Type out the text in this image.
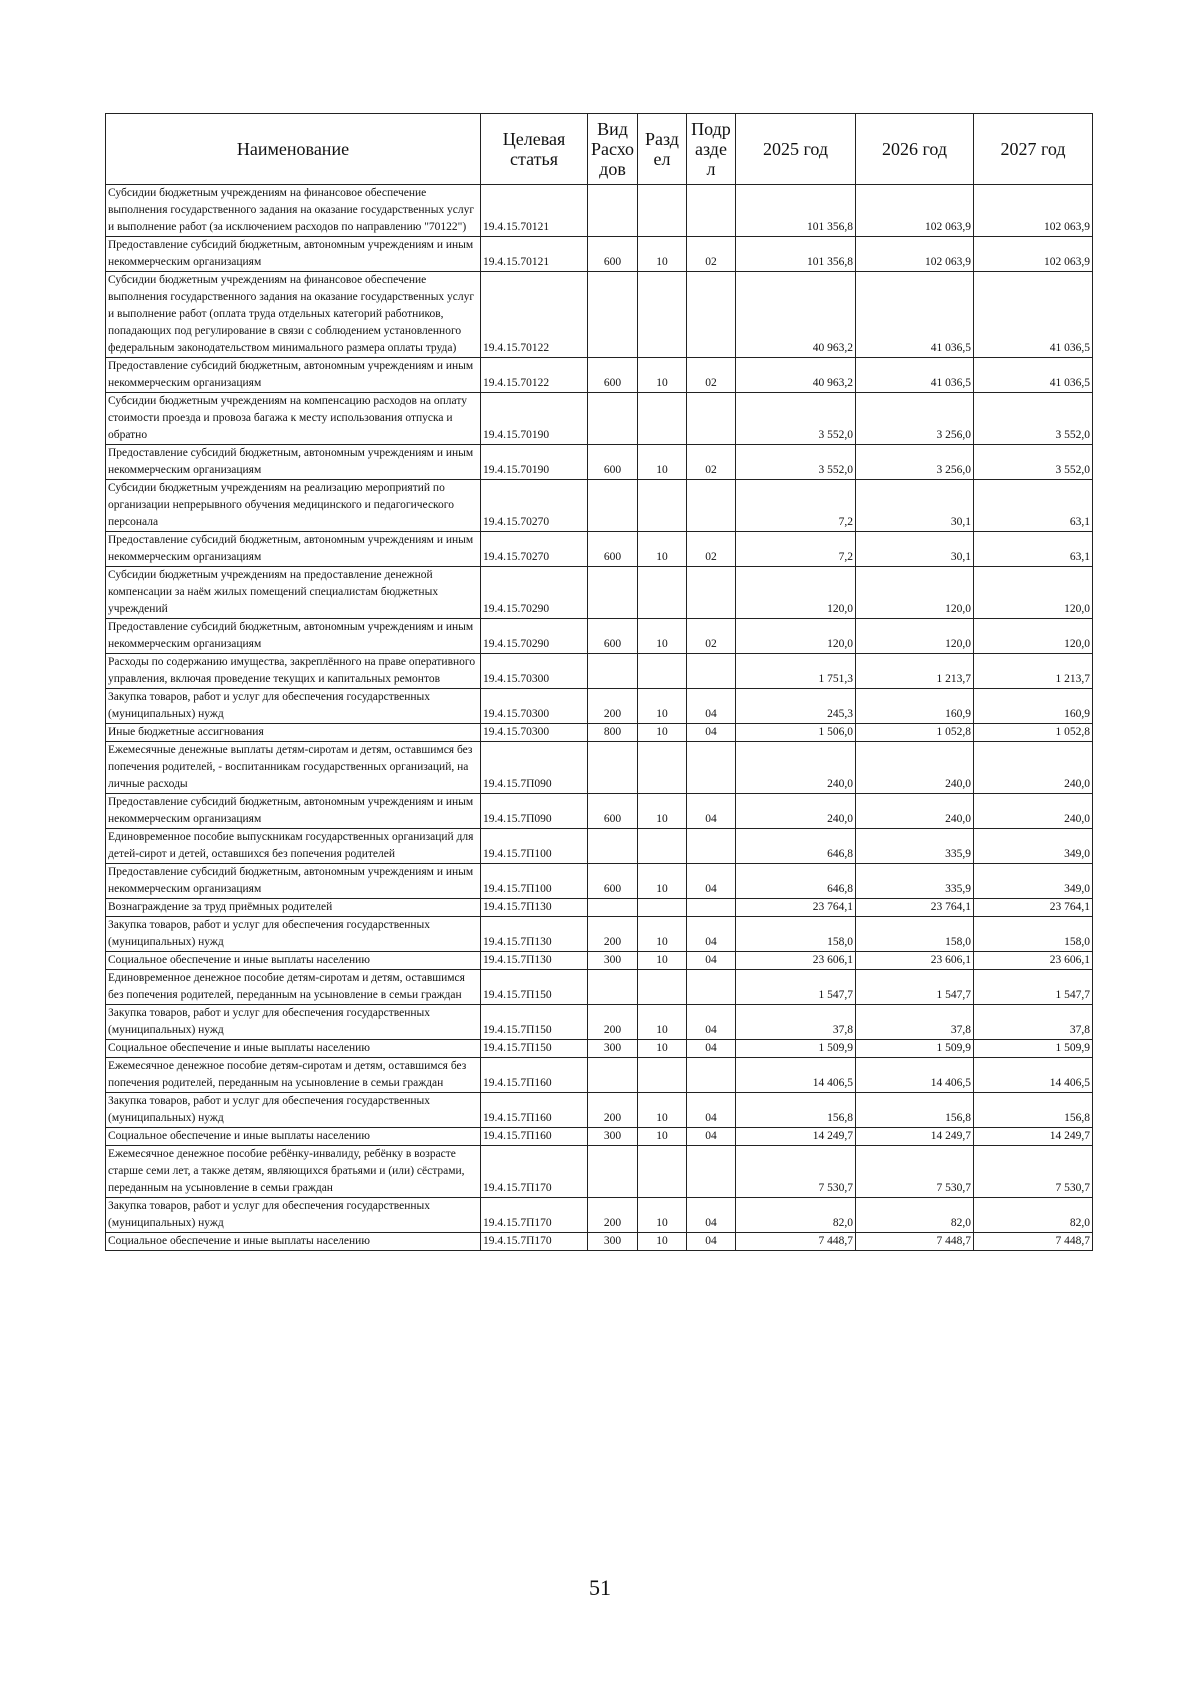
Наименование	Целевая статья	Вид Расхо дов	Разд ел	Подр азде л	2025 год	2026 год	2027 год
Субсидии бюджетным учреждениям на финансовое обеспечение выполнения государственного задания на оказание государственных услуг и выполнение работ (за исключением расходов по направлению "70122")	19.4.15.70121				101 356,8	102 063,9	102 063,9
Предоставление субсидий бюджетным, автономным учреждениям и иным некоммерческим организациям	19.4.15.70121	600	10	02	101 356,8	102 063,9	102 063,9
Субсидии бюджетным учреждениям на финансовое обеспечение выполнения государственного задания на оказание государственных услуг и выполнение работ (оплата труда отдельных категорий работников, попадающих под регулирование в связи с соблюдением установленного федеральным законодательством минимального размера оплаты труда)	19.4.15.70122				40 963,2	41 036,5	41 036,5
Предоставление субсидий бюджетным, автономным учреждениям и иным некоммерческим организациям	19.4.15.70122	600	10	02	40 963,2	41 036,5	41 036,5
Субсидии бюджетным учреждениям на компенсацию расходов на оплату стоимости проезда и провоза багажа к месту использования отпуска и обратно	19.4.15.70190				3 552,0	3 256,0	3 552,0
Предоставление субсидий бюджетным, автономным учреждениям и иным некоммерческим организациям	19.4.15.70190	600	10	02	3 552,0	3 256,0	3 552,0
Субсидии бюджетным учреждениям на реализацию мероприятий по организации непрерывного обучения медицинского и педагогического персонала	19.4.15.70270				7,2	30,1	63,1
Предоставление субсидий бюджетным, автономным учреждениям и иным некоммерческим организациям	19.4.15.70270	600	10	02	7,2	30,1	63,1
Субсидии бюджетным учреждениям на предоставление денежной компенсации за наём жилых помещений специалистам бюджетных учреждений	19.4.15.70290				120,0	120,0	120,0
Предоставление субсидий бюджетным, автономным учреждениям и иным некоммерческим организациям	19.4.15.70290	600	10	02	120,0	120,0	120,0
Расходы по содержанию имущества, закреплённого на праве оперативного управления, включая проведение текущих и капитальных ремонтов	19.4.15.70300				1 751,3	1 213,7	1 213,7
Закупка товаров, работ и услуг для обеспечения государственных (муниципальных) нужд	19.4.15.70300	200	10	04	245,3	160,9	160,9
Иные бюджетные ассигнования	19.4.15.70300	800	10	04	1 506,0	1 052,8	1 052,8
Ежемесячные денежные выплаты детям-сиротам и детям, оставшимся без попечения родителей, - воспитанникам государственных организаций, на личные расходы	19.4.15.7П090				240,0	240,0	240,0
Предоставление субсидий бюджетным, автономным учреждениям и иным некоммерческим организациям	19.4.15.7П090	600	10	04	240,0	240,0	240,0
Единовременное пособие выпускникам государственных организаций для детей-сирот и детей, оставшихся без попечения родителей	19.4.15.7П100				646,8	335,9	349,0
Предоставление субсидий бюджетным, автономным учреждениям и иным некоммерческим организациям	19.4.15.7П100	600	10	04	646,8	335,9	349,0
Вознаграждение за труд приёмных родителей	19.4.15.7П130				23 764,1	23 764,1	23 764,1
Закупка товаров, работ и услуг для обеспечения государственных (муниципальных) нужд	19.4.15.7П130	200	10	04	158,0	158,0	158,0
Социальное обеспечение и иные выплаты населению	19.4.15.7П130	300	10	04	23 606,1	23 606,1	23 606,1
Единовременное денежное пособие детям-сиротам и детям, оставшимся без попечения родителей, переданным на усыновление в семьи граждан	19.4.15.7П150				1 547,7	1 547,7	1 547,7
Закупка товаров, работ и услуг для обеспечения государственных (муниципальных) нужд	19.4.15.7П150	200	10	04	37,8	37,8	37,8
Социальное обеспечение и иные выплаты населению	19.4.15.7П150	300	10	04	1 509,9	1 509,9	1 509,9
Ежемесячное денежное пособие детям-сиротам и детям, оставшимся без попечения родителей, переданным на усыновление в семьи граждан	19.4.15.7П160				14 406,5	14 406,5	14 406,5
Закупка товаров, работ и услуг для обеспечения государственных (муниципальных) нужд	19.4.15.7П160	200	10	04	156,8	156,8	156,8
Социальное обеспечение и иные выплаты населению	19.4.15.7П160	300	10	04	14 249,7	14 249,7	14 249,7
Ежемесячное денежное пособие ребёнку-инвалиду, ребёнку в возрасте старше семи лет, а также детям, являющихся братьями и (или) сёстрами, переданным на усыновление в семьи граждан	19.4.15.7П170				7 530,7	7 530,7	7 530,7
Закупка товаров, работ и услуг для обеспечения государственных (муниципальных) нужд	19.4.15.7П170	200	10	04	82,0	82,0	82,0
Социальное обеспечение и иные выплаты населению	19.4.15.7П170	300	10	04	7 448,7	7 448,7	7 448,7
51
